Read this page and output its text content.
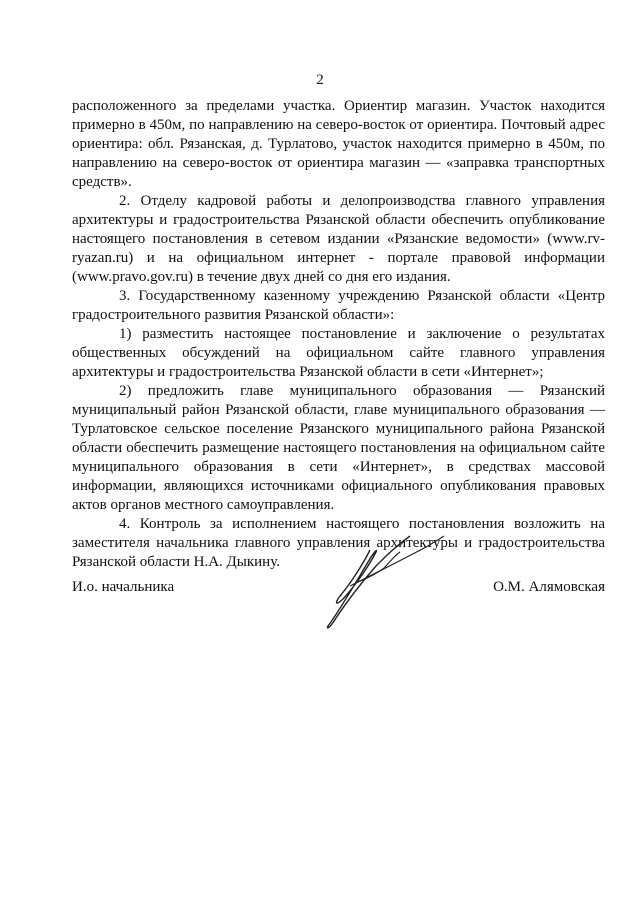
2

расположенного за пределами участка. Ориентир магазин. Участок находится примерно в 450м, по направлению на северо-восток от ориентира. Почтовый адрес ориентира: обл. Рязанская, д. Турлатово, участок находится примерно в 450м, по направлению на северо-восток от ориентира магазин — «заправка транспортных средств».

2. Отделу кадровой работы и делопроизводства главного управления архитектуры и градостроительства Рязанской области обеспечить опубликование настоящего постановления в сетевом издании «Рязанские ведомости» (www.rv-ryazan.ru) и на официальном интернет - портале правовой информации (www.pravo.gov.ru) в течение двух дней со дня его издания.

3. Государственному казенному учреждению Рязанской области «Центр градостроительного развития Рязанской области»:

1) разместить настоящее постановление и заключение о результатах общественных обсуждений на официальном сайте главного управления архитектуры и градостроительства Рязанской области в сети «Интернет»;

2) предложить главе муниципального образования — Рязанский муниципальный район Рязанской области, главе муниципального образования — Турлатовское сельское поселение Рязанского муниципального района Рязанской области обеспечить размещение настоящего постановления на официальном сайте муниципального образования в сети «Интернет», в средствах массовой информации, являющихся источниками официального опубликования правовых актов органов местного самоуправления.

4. Контроль за исполнением настоящего постановления возложить на заместителя начальника главного управления архитектуры и градостроительства Рязанской области Н.А. Дыкину.

И.о. начальника	О.М. Алямовская
